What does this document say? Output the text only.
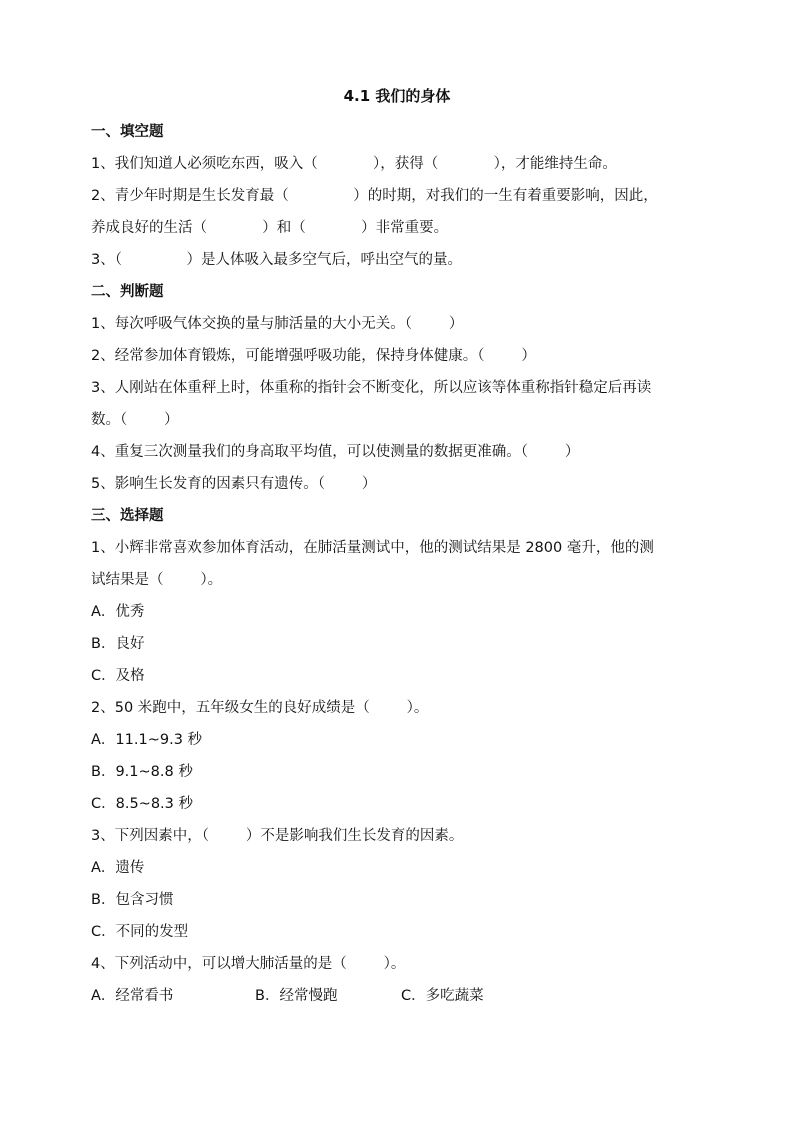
4.1 我们的身体
一、填空题
1、我们知道人必须吃东西，吸入（            ），获得（            ），才能维持生命。
2、青少年时期是生长发育最（              ）的时期，对我们的一生有着重要影响，因此，
养成良好的生活（            ）和（            ）非常重要。
3、（              ）是人体吸入最多空气后，呼出空气的量。
二、判断题
1、每次呼吸气体交换的量与肺活量的大小无关。（        ）
2、经常参加体育锻炼，可能增强呼吸功能，保持身体健康。（        ）
3、人刚站在体重秤上时，体重称的指针会不断变化，所以应该等体重称指针稳定后再读
数。（        ）
4、重复三次测量我们的身高取平均值，可以使测量的数据更准确。（        ）
5、影响生长发育的因素只有遗传。（        ）
三、选择题
1、小辉非常喜欢参加体育活动，在肺活量测试中，他的测试结果是 2800 毫升，他的测
试结果是（        ）。
A．优秀
B．良好
C．及格
2、50 米跑中，五年级女生的良好成绩是（        ）。
A．11.1~9.3 秒
B．9.1~8.8 秒
C．8.5~8.3 秒
3、下列因素中，（        ）不是影响我们生长发育的因素。
A．遗传
B．包含习惯
C．不同的发型
4、下列活动中，可以增大肺活量的是（        ）。
A．经常看书	B．经常慢跑	C．多吃蔬菜
